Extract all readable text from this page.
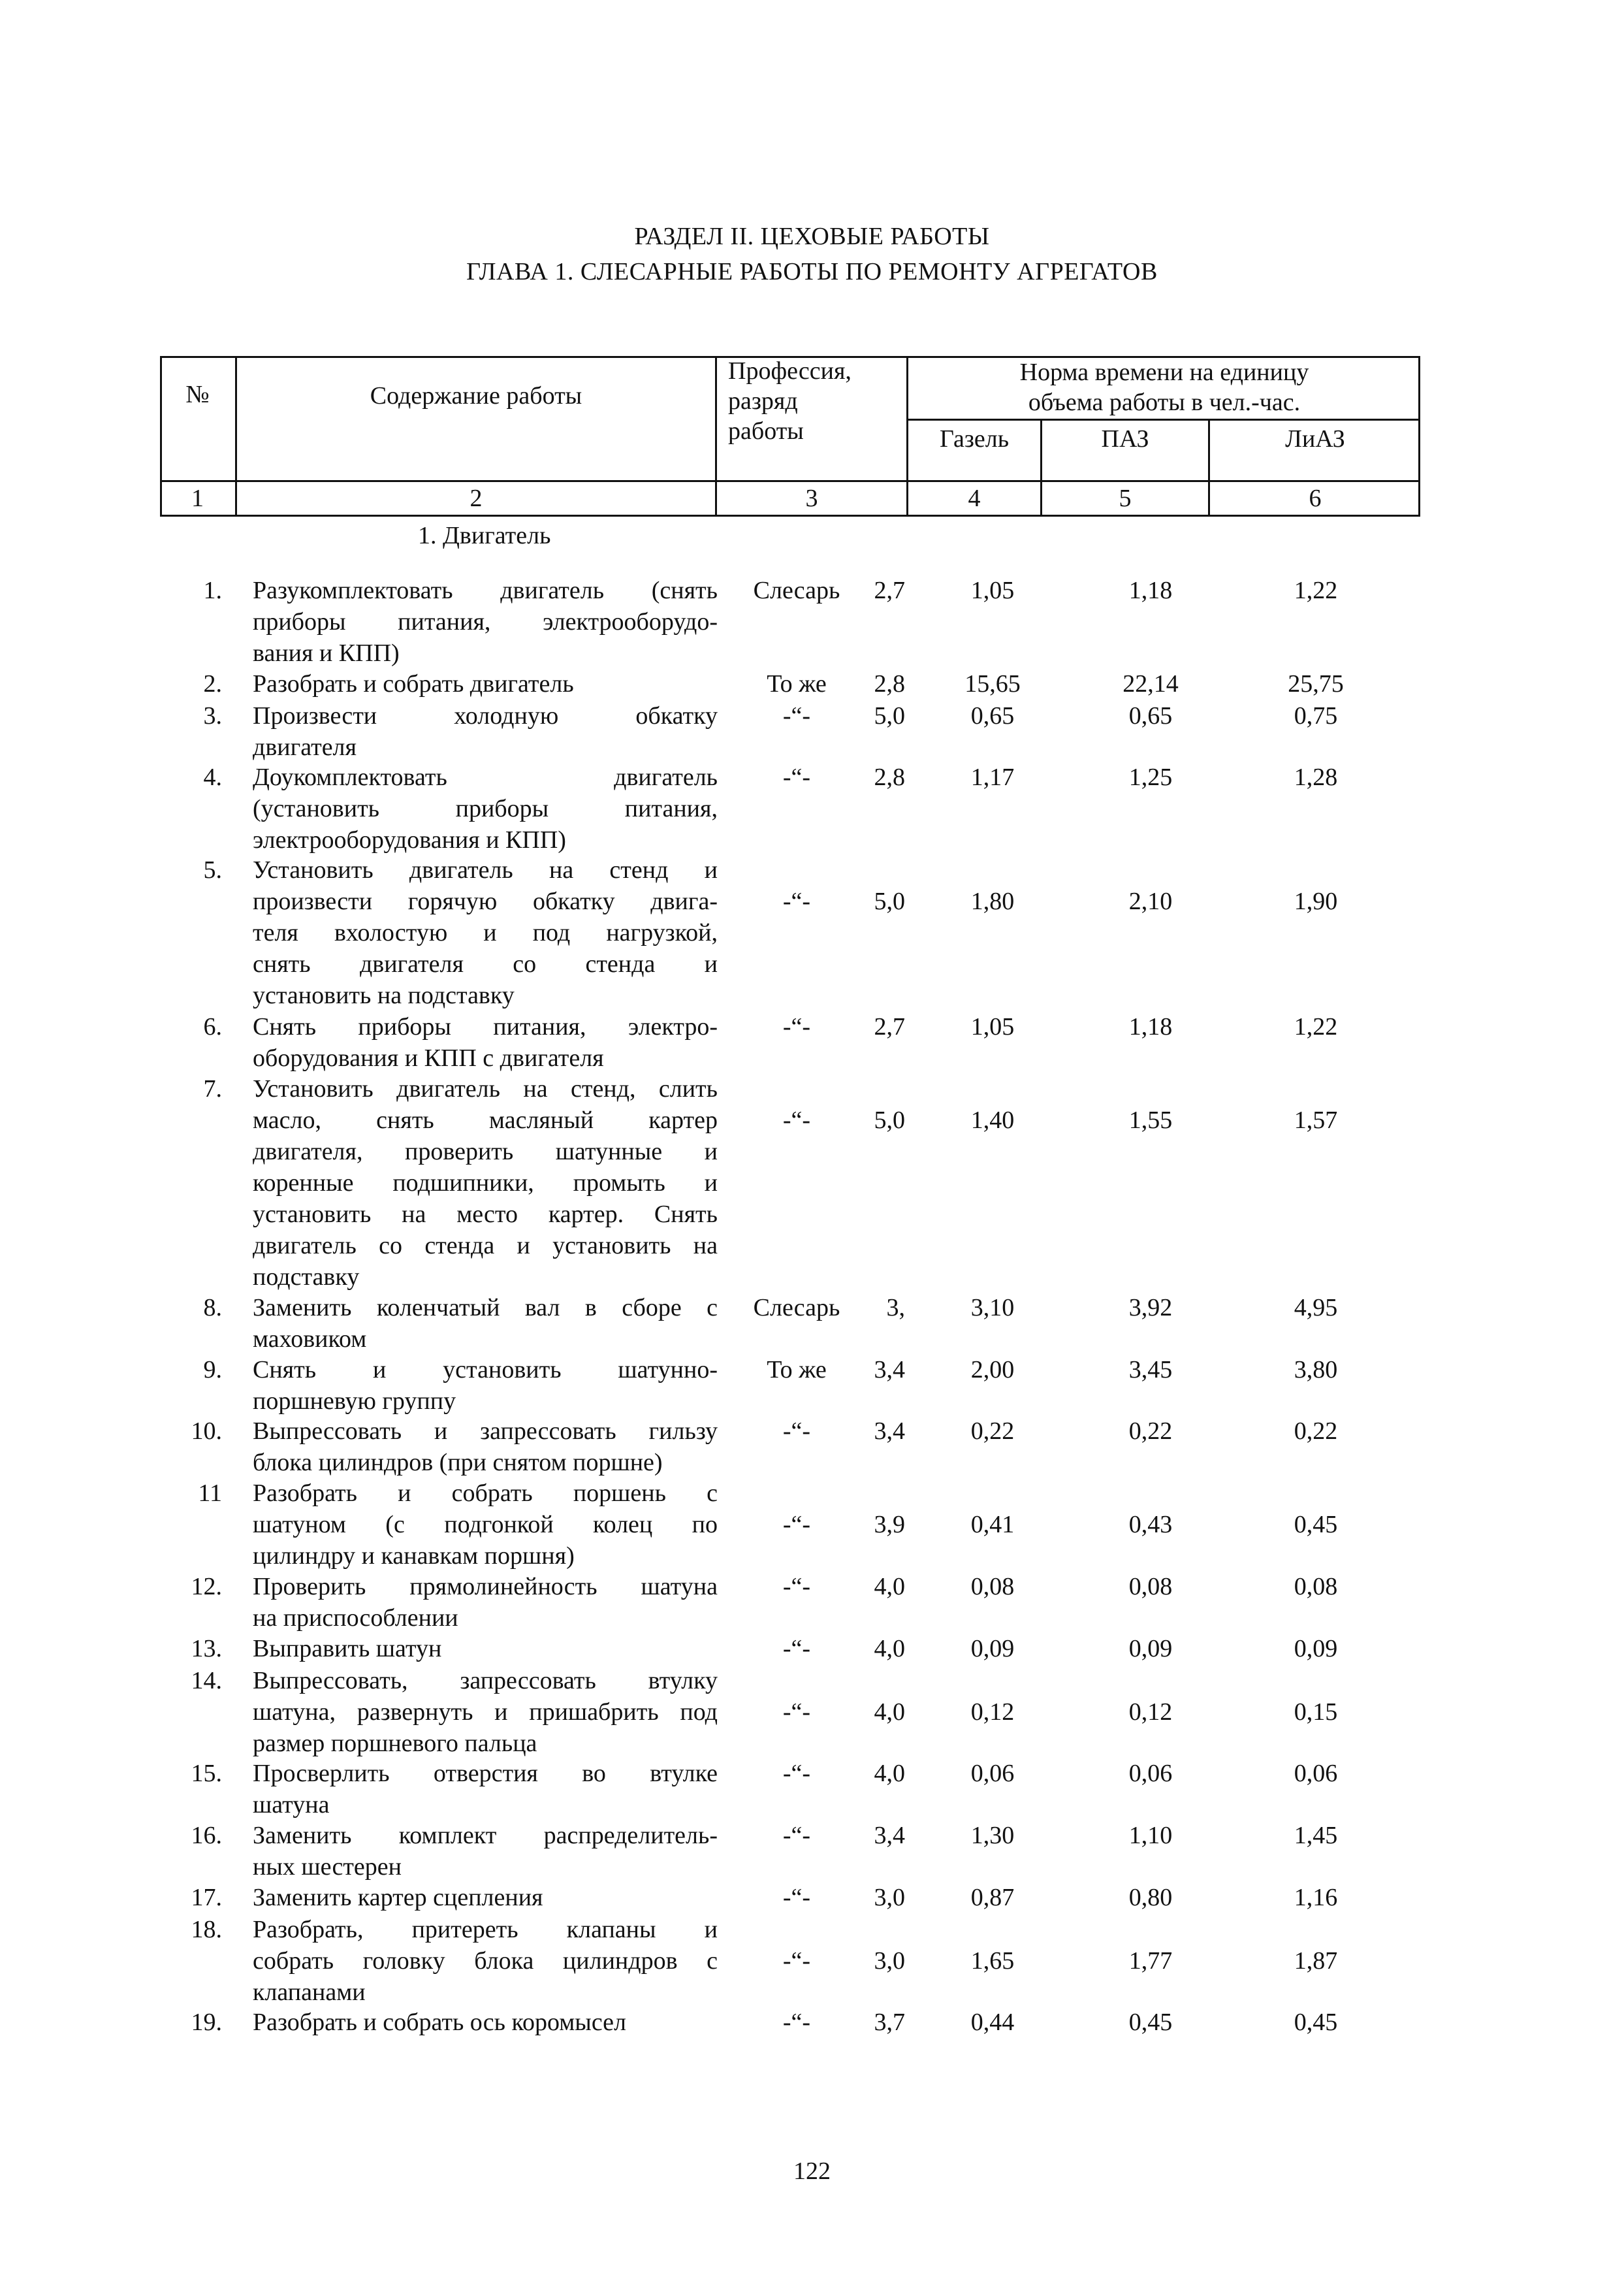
РАЗДЕЛ II. ЦЕХОВЫЕ РАБОТЫ
ГЛАВА 1. СЛЕСАРНЫЕ РАБОТЫ ПО РЕМОНТУ АГРЕГАТОВ
№	Содержание работы
Профессия,
разряд
работы
Норма времени на единицу
объема работы в чел.-час.
Газель	ПАЗ	ЛиАЗ
1	2	3	4	5	6
1. Двигатель
1. Разукомплектовать двигатель (снять
приборы питания, электрооборудо-
вания и КПП)
Слесарь	2,7	1,05	1,18	1,22
2. Разобрать и собрать двигатель	То же	2,8	15,65	22,14	25,75
3. Произвести холодную обкатку
двигателя
-“-	5,0	0,65	0,65	0,75
4. Доукомплектовать двигатель
(установить приборы питания,
электрооборудования и КПП)
-“-	2,8	1,17	1,25	1,28
5. Установить двигатель на стенд и
произвести горячую обкатку двига-
теля вхолостую и под нагрузкой,
снять двигателя со стенда и
установить на подставку
-“-	5,0	1,80	2,10	1,90
6. Снять приборы питания, электро-
оборудования и КПП с двигателя
-“-	2,7	1,05	1,18	1,22
7. Установить двигатель на стенд, слить
масло, снять масляный картер
двигателя, проверить шатунные и
коренные подшипники, промыть и
установить на место картер. Снять
двигатель со стенда и установить на
подставку
-“-	5,0	1,40	1,55	1,57
8. Заменить коленчатый вал в сборе с
маховиком
Слесарь	3,	3,10	3,92	4,95
9. Снять и установить шатунно-
поршневую группу
То же	3,4	2,00	3,45	3,80
10. Выпрессовать и запрессовать гильзу
блока цилиндров (при снятом поршне)
-“-	3,4	0,22	0,22	0,22
11 Разобрать и собрать поршень с
шатуном (с подгонкой колец по
цилиндру и канавкам поршня)
-“-	3,9	0,41	0,43	0,45
12. Проверить прямолинейность шатуна
на приспособлении
-“-	4,0	0,08	0,08	0,08
13. Выправить шатун	-“-	4,0	0,09	0,09	0,09
14. Выпрессовать, запрессовать втулку
шатуна, развернуть и пришабрить под
размер поршневого пальца
-“-	4,0	0,12	0,12	0,15
15. Просверлить отверстия во втулке
шатуна
-“-	4,0	0,06	0,06	0,06
16. Заменить комплект распределитель-
ных шестерен
-“-	3,4	1,30	1,10	1,45
17. Заменить картер сцепления	-“-	3,0	0,87	0,80	1,16
18. Разобрать, притереть клапаны и
собрать головку блока цилиндров с
клапанами
-“-	3,0	1,65	1,77	1,87
19. Разобрать и собрать ось коромысел	-“-	3,7	0,44	0,45	0,45
122
